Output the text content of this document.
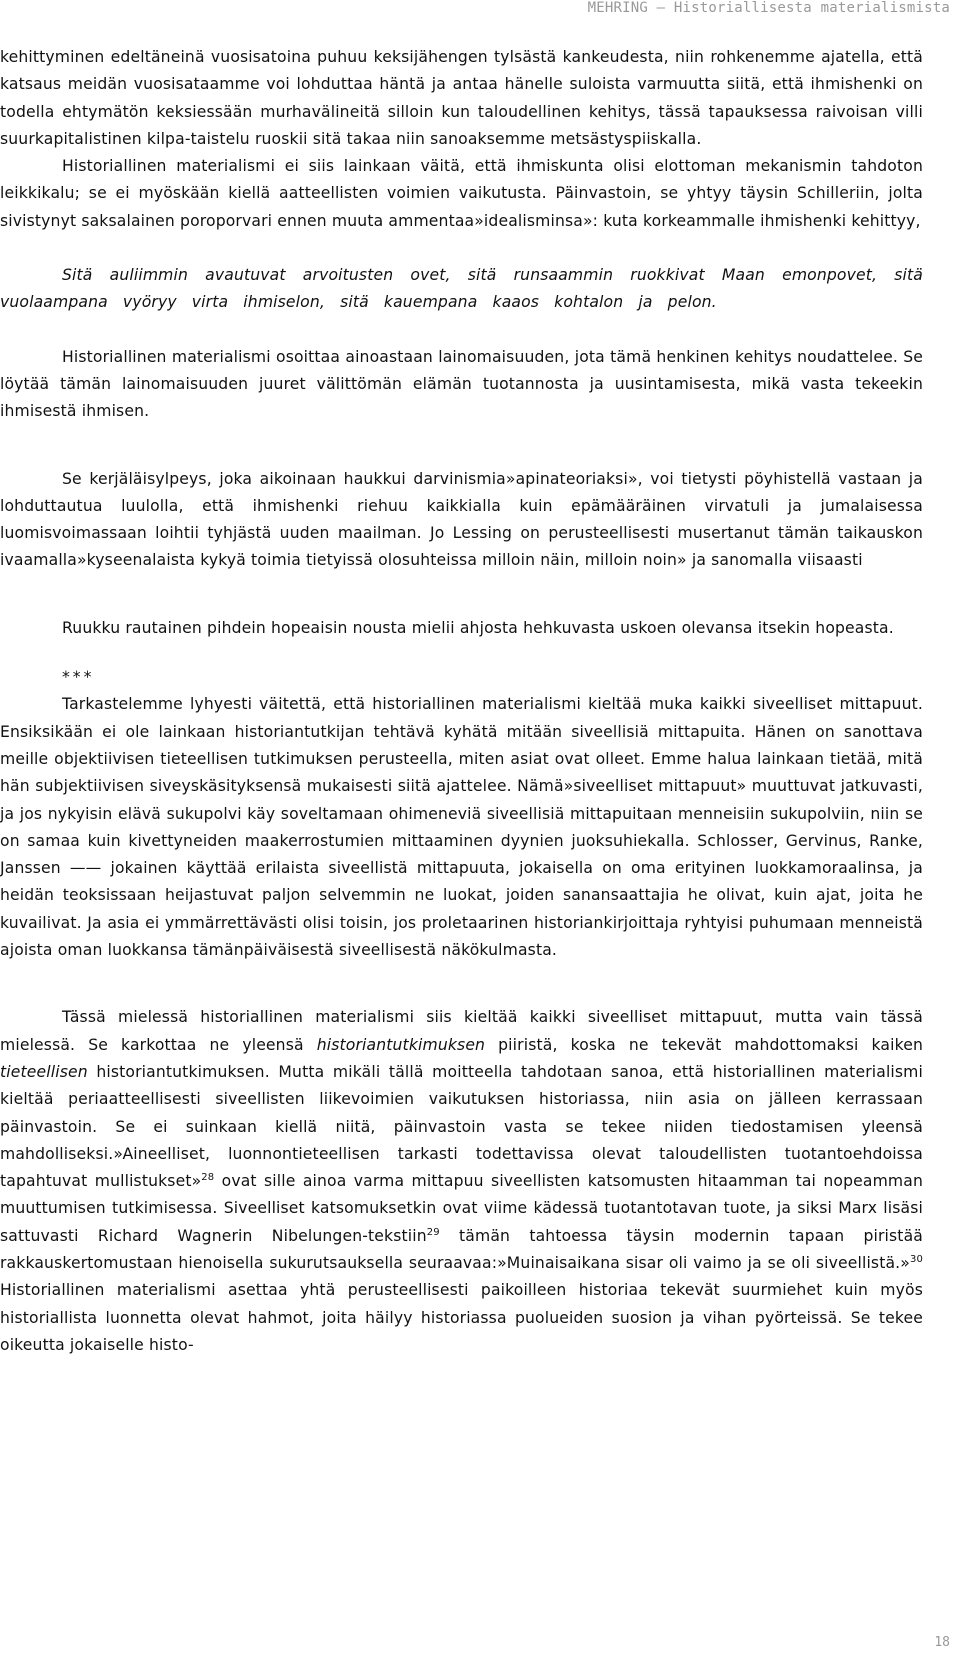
MEHRING – Historiallisesta materialismista

kehittyminen edeltäneinä vuosisatoina puhuu keksijähengen tylsästä kankeudesta, niin rohkenemme ajatella, että katsaus meidän vuosisataamme voi lohduttaa häntä ja antaa hänelle suloista varmuutta siitä, että ihmishenki on todella ehtymätön keksiessään murhavälineitä silloin kun taloudellinen kehitys, tässä tapauksessa raivoisan villi suurkapitalistinen kilpa-taistelu ruoskii sitä takaa niin sanoaksemme metsästyspiiskalla.

Historiallinen materialismi ei siis lainkaan väitä, että ihmiskunta olisi elottoman mekanismin tahdoton leikkikalu; se ei myöskään kiellä aatteellisten voimien vaikutusta. Päinvastoin, se yhtyy täysin Schilleriin, jolta sivistynyt saksalainen poroporvari ennen muuta ammentaa»idealisminsa»: kuta korkeammalle ihmishenki kehittyy,

Sitä auliimmin avautuvat arvoitusten ovet, sitä runsaammin ruokkivat Maan emonpovet, sitä vuolaampana vyöryy virta ihmiselon, sitä kauempana kaaos kohtalon ja pelon.

Historiallinen materialismi osoittaa ainoastaan lainomaisuuden, jota tämä henkinen kehitys noudattelee. Se löytää tämän lainomaisuuden juuret välittömän elämän tuotannosta ja uusintamisesta, mikä vasta tekeekin ihmisestä ihmisen.

Se kerjäläisylpeys, joka aikoinaan haukkui darvinismia»apinateoriaksi», voi tietysti pöyhistellä vastaan ja lohduttautua luulolla, että ihmishenki riehuu kaikkialla kuin epämääräinen virvatuli ja jumalaisessa luomisvoimassaan loihtii tyhjästä uuden maailman. Jo Lessing on perusteellisesti musertanut tämän taikauskon ivaamalla»kyseenalaista kykyä toimia tietyissä olosuhteissa milloin näin, milloin noin» ja sanomalla viisaasti

Ruukku rautainen pihdein hopeaisin nousta mielii ahjosta hehkuvasta uskoen olevansa itsekin hopeasta.

***

Tarkastelemme lyhyesti väitettä, että historiallinen materialismi kieltää muka kaikki siveelliset mittapuut. Ensiksikään ei ole lainkaan historiantutkijan tehtävä kyhätä mitään siveellisiä mittapuita. Hänen on sanottava meille objektiivisen tieteellisen tutkimuksen perusteella, miten asiat ovat olleet. Emme halua lainkaan tietää, mitä hän subjektiivisen siveyskäsityksensä mukaisesti siitä ajattelee. Nämä»siveelliset mittapuut» muuttuvat jatkuvasti, ja jos nykyisin elävä sukupolvi käy soveltamaan ohimeneviä siveellisiä mittapuitaan menneisiin sukupolviin, niin se on samaa kuin kivettyneiden maakerrostumien mittaaminen dyynien juoksuhiekalla. Schlosser, Gervinus, Ranke, Janssen —— jokainen käyttää erilaista siveellistä mittapuuta, jokaisella on oma erityinen luokkamoraalinsa, ja heidän teoksissaan heijastuvat paljon selvemmin ne luokat, joiden sanansaattajia he olivat, kuin ajat, joita he kuvailivat. Ja asia ei ymmärrettävästi olisi toisin, jos proletaarinen historiankirjoittaja ryhtyisi puhumaan menneistä ajoista oman luokkansa tämänpäiväisestä siveellisestä näkökulmasta.

Tässä mielessä historiallinen materialismi siis kieltää kaikki siveelliset mittapuut, mutta vain tässä mielessä. Se karkottaa ne yleensä historiantutkimuksen piiristä, koska ne tekevät mahdottomaksi kaiken tieteellisen historiantutkimuksen. Mutta mikäli tällä moitteella tahdotaan sanoa, että historiallinen materialismi kieltää periaatteellisesti siveellisten liikevoimien vaikutuksen historiassa, niin asia on jälleen kerrassaan päinvastoin. Se ei suinkaan kiellä niitä, päinvastoin vasta se tekee niiden tiedostamisen yleensä mahdolliseksi.»Aineelliset, luonnontieteellisen tarkasti todettavissa olevat taloudellisten tuotantoehdoissa tapahtuvat mullistukset»$^{28}$ ovat sille ainoa varma mittapuu siveellisten katsomusten hitaamman tai nopeamman muuttumisen tutkimisessa. Siveelliset katsomuksetkin ovat viime kädessä tuotantotavan tuote, ja siksi Marx lisäsi sattuvasti Richard Wagnerin Nibelungen-tekstiin$^{29}$ tämän tahtoessa täysin modernin tapaan piristää rakkauskertomustaan hienoisella sukurutsauksella seuraavaa:»Muinaisaikana sisar oli vaimo ja se oli siveellistä.»$^{30}$ Historiallinen materialismi asettaa yhtä perusteellisesti paikoilleen historiaa tekevät suurmiehet kuin myös historiallista luonnetta olevat hahmot, joita häilyy historiassa puolueiden suosion ja vihan pyörteissä. Se tekee oikeutta jokaiselle histo-

18
